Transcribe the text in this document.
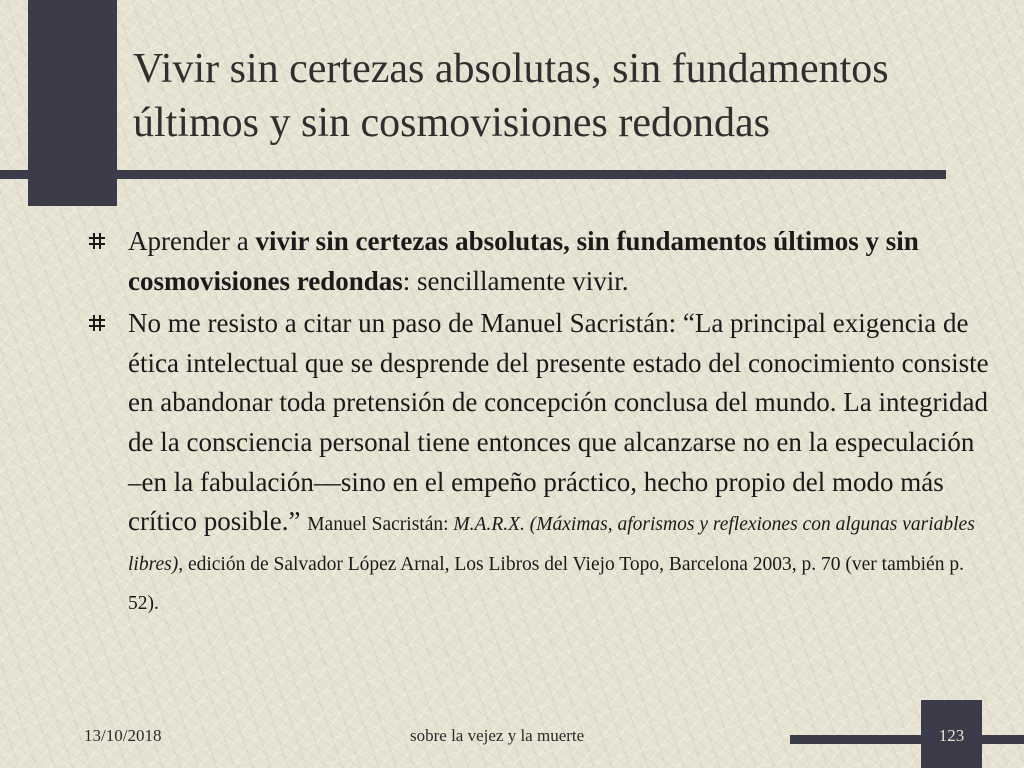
Vivir sin certezas absolutas, sin fundamentos
últimos y sin cosmovisiones redondas
Aprender a vivir sin certezas absolutas, sin fundamentos últimos y sin cosmovisiones redondas: sencillamente vivir.
No me resisto a citar un paso de Manuel Sacristán: “La principal exigencia de ética intelectual que se desprende del presente estado del conocimiento consiste en abandonar toda pretensión de concepción conclusa del mundo. La integridad de la consciencia personal tiene entonces que alcanzarse no en la especulación –en la fabulación—sino en el empeño práctico, hecho propio del modo más crítico posible.” Manuel Sacristán: M.A.R.X. (Máximas, aforismos y reflexiones con algunas variables libres), edición de Salvador López Arnal, Los Libros del Viejo Topo, Barcelona 2003, p. 70 (ver también p. 52).
13/10/2018	sobre la vejez y la muerte	123
